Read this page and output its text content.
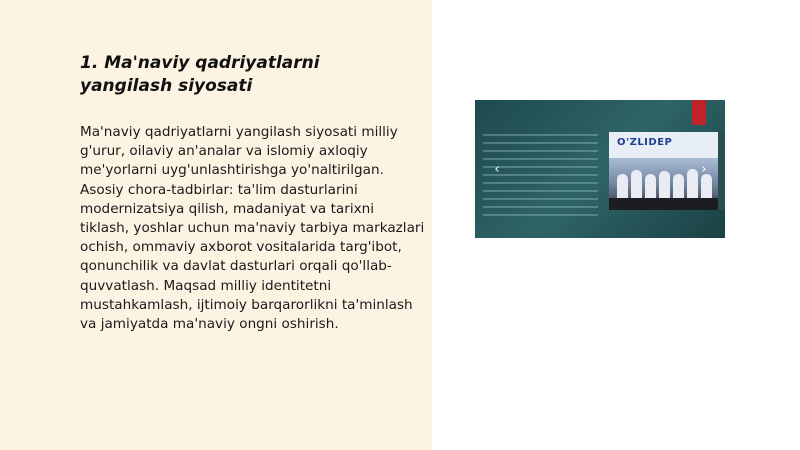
1. Ma'naviy qadriyatlarni yangilash siyosati

Ma'naviy qadriyatlarni yangilash siyosati milliy g'urur, oilaviy an'analar va islomiy axloqiy me'yorlarni uyg'unlashtirishga yo'naltirilgan. Asosiy chora-tadbirlar: ta'lim dasturlarini modernizatsiya qilish, madaniyat va tarixni tiklash, yoshlar uchun ma'naviy tarbiya markazlari ochish, ommaviy axborot vositalarida targ'ibot, qonunchilik va davlat dasturlari orqali qo'llab-quvvatlash. Maqsad milliy identitetni mustahkamlash, ijtimoiy barqarorlikni ta'minlash va jamiyatda ma'naviy ongni oshirish.

O'ZLIDEP
‹	›
